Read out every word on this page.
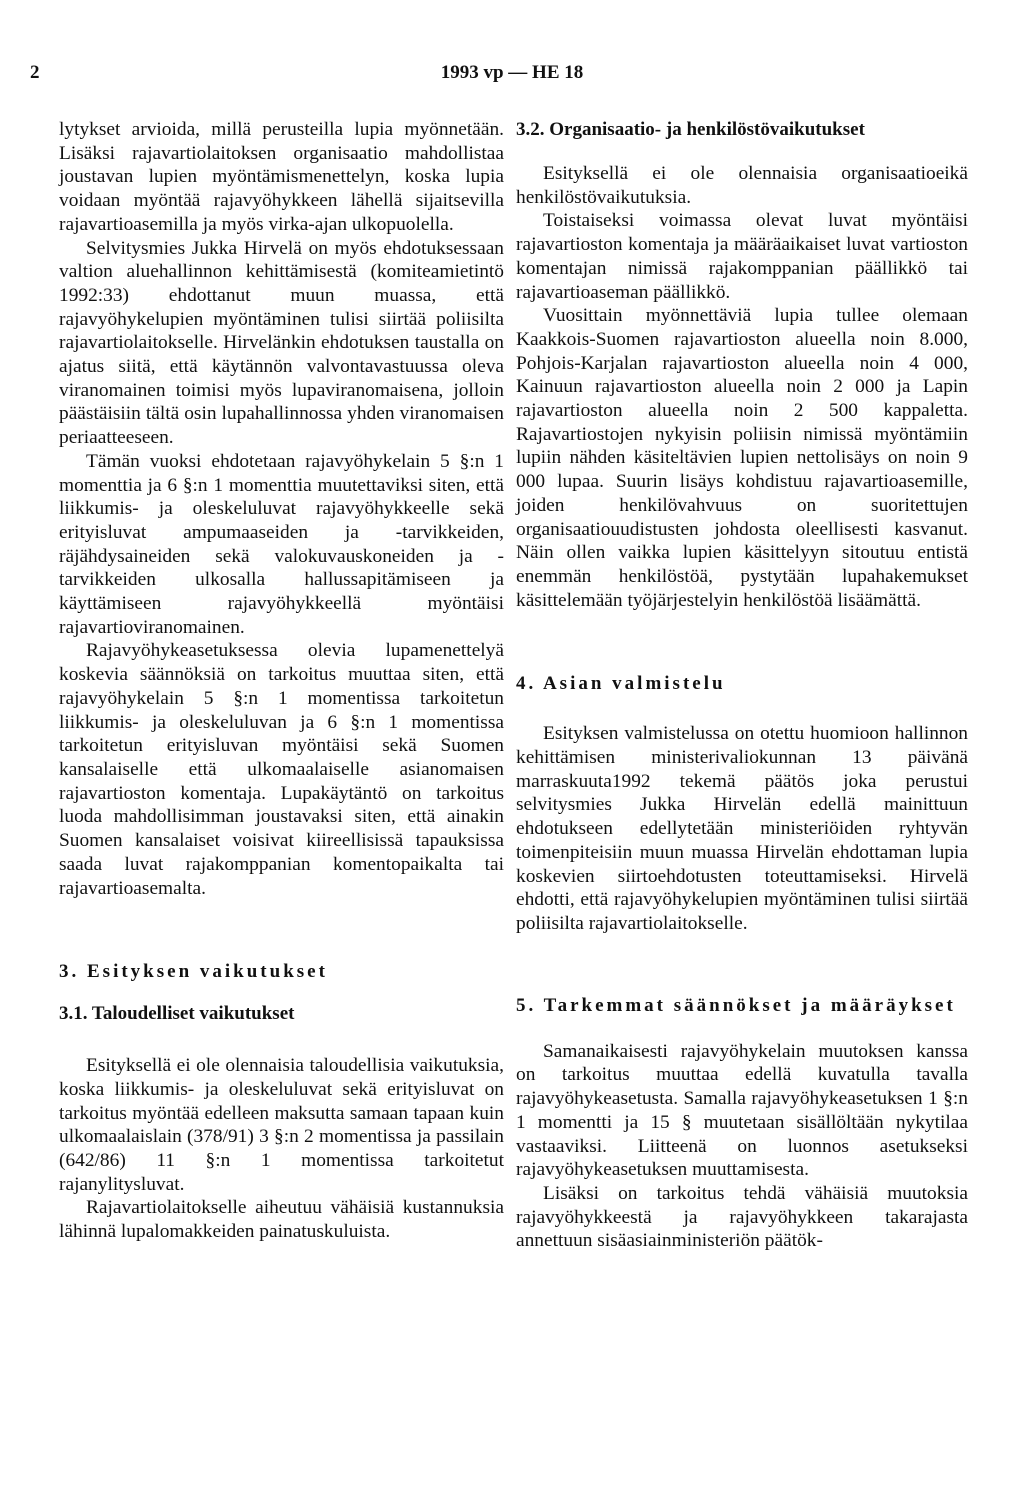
2	1993 vp — HE 18

lytykset arvioida, millä perusteilla lupia myönnetään. Lisäksi rajavartiolaitoksen organisaatio mahdollistaa joustavan lupien myöntämismenettelyn, koska lupia voidaan myöntää rajavyöhykkeen lähellä sijaitsevilla rajavartioasemilla ja myös virka-ajan ulkopuolella.

Selvitysmies Jukka Hirvelä on myös ehdotuksessaan valtion aluehallinnon kehittämisestä (komiteamietintö 1992:33) ehdottanut muun muassa, että rajavyöhykelupien myöntäminen tulisi siirtää poliisilta rajavartiolaitokselle. Hirvelänkin ehdotuksen taustalla on ajatus siitä, että käytännön valvontavastuussa oleva viranomainen toimisi myös lupaviranomaisena, jolloin päästäisiin tältä osin lupahallinnossa yhden viranomaisen periaatteeseen.

Tämän vuoksi ehdotetaan rajavyöhykelain 5 §:n 1 momenttia ja 6 §:n 1 momenttia muutettaviksi siten, että liikkumis- ja oleskeluluvat rajavyöhykkeelle sekä erityisluvat ampumaaseiden ja -tarvikkeiden, räjähdysaineiden sekä valokuvauskoneiden ja -tarvikkeiden ulkosalla hallussapitämiseen ja käyttämiseen rajavyöhykkeellä myöntäisi rajavartioviranomainen.

Rajavyöhykeasetuksessa olevia lupamenettelyä koskevia säännöksiä on tarkoitus muuttaa siten, että rajavyöhykelain 5 §:n 1 momentissa tarkoitetun liikkumis- ja oleskeluluvan ja 6 §:n 1 momentissa tarkoitetun erityisluvan myöntäisi sekä Suomen kansalaiselle että ulkomaalaiselle asianomaisen rajavartioston komentaja. Lupakäytäntö on tarkoitus luoda mahdollisimman joustavaksi siten, että ainakin Suomen kansalaiset voisivat kiireellisissä tapauksissa saada luvat rajakomppanian komentopaikalta tai rajavartioasemalta.

3. Esityksen vaikutukset
3.1. Taloudelliset vaikutukset

Esityksellä ei ole olennaisia taloudellisia vaikutuksia, koska liikkumis- ja oleskeluluvat sekä erityisluvat on tarkoitus myöntää edelleen maksutta samaan tapaan kuin ulkomaalaislain (378/91) 3 §:n 2 momentissa ja passilain (642/86) 11 §:n 1 momentissa tarkoitetut rajanylitysluvat.

Rajavartiolaitokselle aiheutuu vähäisiä kustannuksia lähinnä lupalomakkeiden painatuskuluista.

3.2. Organisaatio- ja henkilöstövaikutukset

Esityksellä ei ole olennaisia organisaatioeikä henkilöstövaikutuksia.

Toistaiseksi voimassa olevat luvat myöntäisi rajavartioston komentaja ja määräaikaiset luvat vartioston komentajan nimissä rajakomppanian päällikkö tai rajavartioaseman päällikkö.

Vuosittain myönnettäviä lupia tullee olemaan Kaakkois-Suomen rajavartioston alueella noin 8.000, Pohjois-Karjalan rajavartioston alueella noin 4 000, Kainuun rajavartioston alueella noin 2 000 ja Lapin rajavartioston alueella noin 2 500 kappaletta. Rajavartiostojen nykyisin poliisin nimissä myöntämiin lupiin nähden käsiteltävien lupien nettolisäys on noin 9 000 lupaa. Suurin lisäys kohdistuu rajavartioasemille, joiden henkilövahvuus on suoritettujen organisaatiouudistusten johdosta oleellisesti kasvanut. Näin ollen vaikka lupien käsittelyyn sitoutuu entistä enemmän henkilöstöä, pystytään lupahakemukset käsittelemään työjärjestelyin henkilöstöä lisäämättä.

4. Asian valmistelu

Esityksen valmistelussa on otettu huomioon hallinnon kehittämisen ministerivaliokunnan 13 päivänä marraskuuta1992 tekemä päätös joka perustui selvitysmies Jukka Hirvelän edellä mainittuun ehdotukseen edellytetään ministeriöiden ryhtyvän toimenpiteisiin muun muassa Hirvelän ehdottaman lupia koskevien siirtoehdotusten toteuttamiseksi. Hirvelä ehdotti, että rajavyöhykelupien myöntäminen tulisi siirtää poliisilta rajavartiolaitokselle.

5. Tarkemmat säännökset ja määräykset

Samanaikaisesti rajavyöhykelain muutoksen kanssa on tarkoitus muuttaa edellä kuvatulla tavalla rajavyöhykeasetusta. Samalla rajavyöhykeasetuksen 1 §:n 1 momentti ja 15 § muutetaan sisällöltään nykytilaa vastaaviksi. Liitteenä on luonnos asetukseksi rajavyöhykeasetuksen muuttamisesta.

Lisäksi on tarkoitus tehdä vähäisiä muutoksia rajavyöhykkeestä ja rajavyöhykkeen takarajasta annettuun sisäasiainministeriön päätök-
